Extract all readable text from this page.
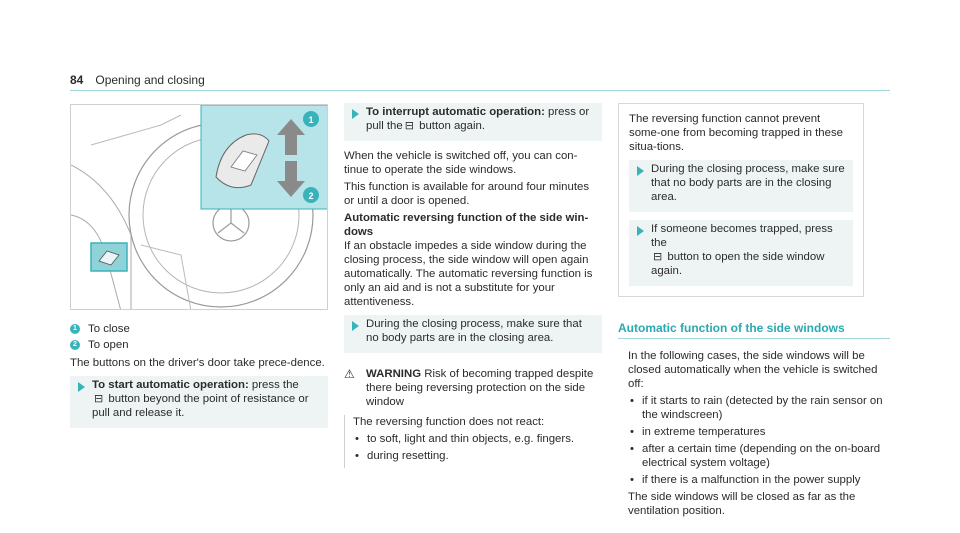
84 Opening and closing
1
2
1 To close
2 To open

The buttons on the driver's door take prece-dence.

To start automatic operation: press the
⊟ button beyond the point of resistance or pull and release it.
To interrupt automatic operation: press or pull the ⊟ button again.

When the vehicle is switched off, you can con-tinue to operate the side windows.

This function is available for around four minutes or until a door is opened.

Automatic reversing function of the side win-dows

If an obstacle impedes a side window during the closing process, the side window will open again automatically. The automatic reversing function is only an aid and is not a substitute for your attentiveness.

During the closing process, make sure that no body parts are in the closing area.
⚠ WARNING Risk of becoming trapped despite there being reversing protection on the side window

The reversing function does not react:

• to soft, light and thin objects, e.g. fingers.
• during resetting.

The reversing function cannot prevent some-one from becoming trapped in these situa-tions.

During the closing process, make sure that no body parts are in the closing area.
If someone becomes trapped, press the
⊟ button to open the side window again.
Automatic function of the side windows

In the following cases, the side windows will be closed automatically when the vehicle is switched off:

• if it starts to rain (detected by the rain sensor on the windscreen)
• in extreme temperatures
• after a certain time (depending on the on-board electrical system voltage)
• if there is a malfunction in the power supply

The side windows will be closed as far as the ventilation position.
